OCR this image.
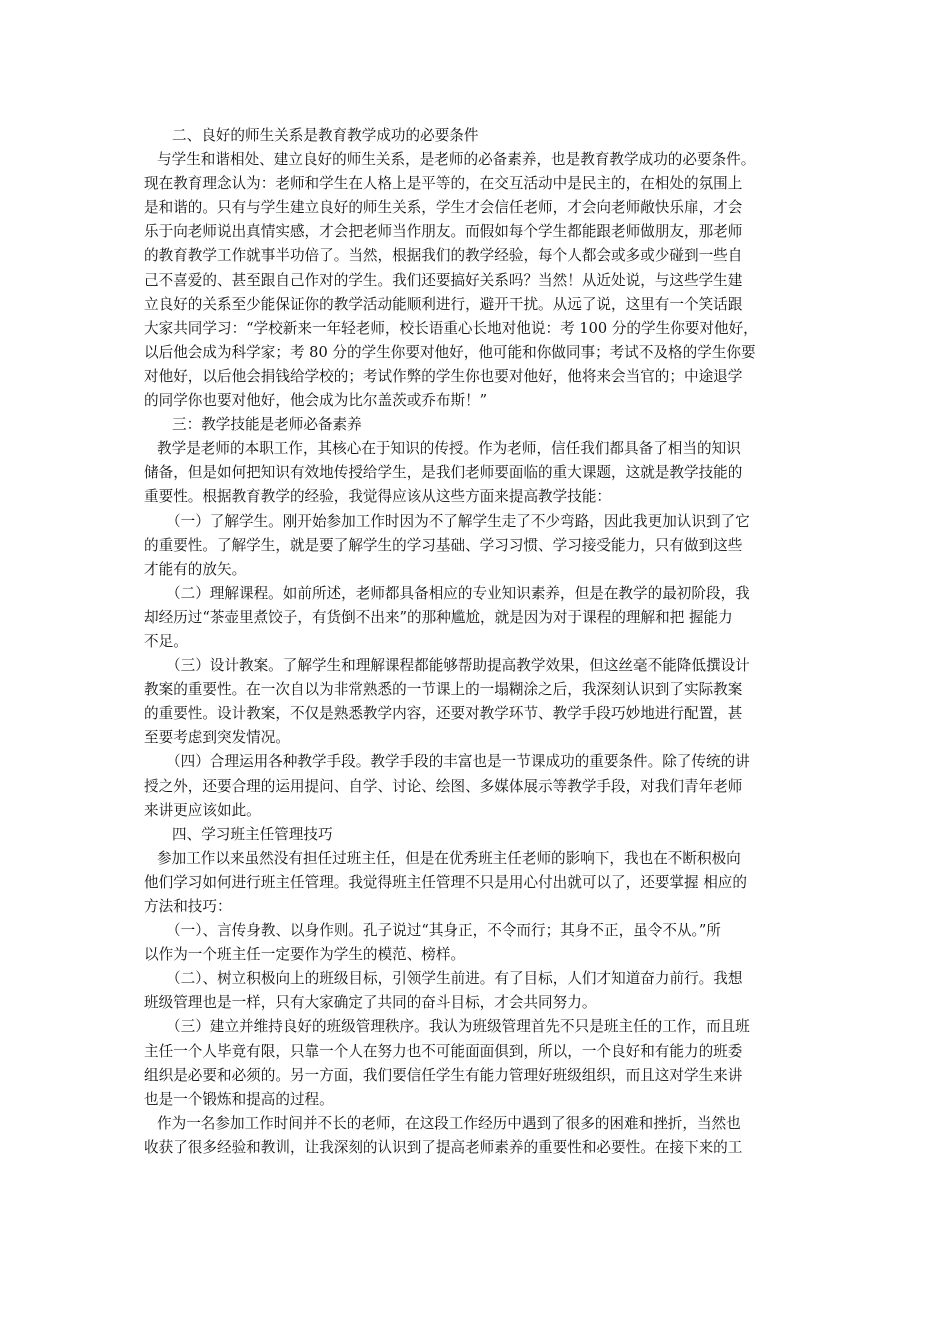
二、良好的师生关系是教育教学成功的必要条件
与学生和谐相处、建立良好的师生关系，是老师的必备素养，也是教育教学成功的必要条件。
现在教育理念认为：老师和学生在人格上是平等的，在交互活动中是民主的，在相处的氛围上
是和谐的。只有与学生建立良好的师生关系，学生才会信任老师，才会向老师敞快乐扉，才会
乐于向老师说出真情实感，才会把老师当作朋友。而假如每个学生都能跟老师做朋友，那老师
的教育教学工作就事半功倍了。当然，根据我们的教学经验，每个人都会或多或少碰到一些自
己不喜爱的、甚至跟自己作对的学生。我们还要搞好关系吗？当然！从近处说，与这些学生建
立良好的关系至少能保证你的教学活动能顺利进行，避开干扰。从远了说，这里有一个笑话跟
大家共同学习：“学校新来一年轻老师，校长语重心长地对他说：考 100 分的学生你要对他好，
以后他会成为科学家；考 80 分的学生你要对他好，他可能和你做同事；考试不及格的学生你要
对他好，以后他会捐钱给学校的；考试作弊的学生你也要对他好，他将来会当官的；中途退学
的同学你也要对他好，他会成为比尔盖茨或乔布斯！”
三：教学技能是老师必备素养
教学是老师的本职工作，其核心在于知识的传授。作为老师，信任我们都具备了相当的知识
储备，但是如何把知识有效地传授给学生，是我们老师要面临的重大课题，这就是教学技能的
重要性。根据教育教学的经验，我觉得应该从这些方面来提高教学技能：
（一）了解学生。刚开始参加工作时因为不了解学生走了不少弯路，因此我更加认识到了它
的重要性。了解学生，就是要了解学生的学习基础、学习习惯、学习接受能力，只有做到这些
才能有的放矢。
（二）理解课程。如前所述，老师都具备相应的专业知识素养，但是在教学的最初阶段，我
却经历过“茶壶里煮饺子，有货倒不出来”的那种尴尬，就是因为对于课程的理解和把 握能力
不足。
（三）设计教案。了解学生和理解课程都能够帮助提高教学效果，但这丝毫不能降低撰设计
教案的重要性。在一次自以为非常熟悉的一节课上的一塌糊涂之后，我深刻认识到了实际教案
的重要性。设计教案，不仅是熟悉教学内容，还要对教学环节、教学手段巧妙地进行配置，甚
至要考虑到突发情况。
（四）合理运用各种教学手段。教学手段的丰富也是一节课成功的重要条件。除了传统的讲
授之外，还要合理的运用提问、自学、讨论、绘图、多媒体展示等教学手段，对我们青年老师
来讲更应该如此。
四、学习班主任管理技巧
参加工作以来虽然没有担任过班主任，但是在优秀班主任老师的影响下，我也在不断积极向
他们学习如何进行班主任管理。我觉得班主任管理不只是用心付出就可以了，还要掌握 相应的
方法和技巧：
（一）、言传身教、以身作则。孔子说过“其身正，不令而行；其身不正，虽令不从。”所
以作为一个班主任一定要作为学生的模范、榜样。
（二）、树立积极向上的班级目标，引领学生前进。有了目标，人们才知道奋力前行。我想
班级管理也是一样，只有大家确定了共同的奋斗目标，才会共同努力。
（三）建立并维持良好的班级管理秩序。我认为班级管理首先不只是班主任的工作，而且班
主任一个人毕竟有限，只靠一个人在努力也不可能面面俱到，所以，一个良好和有能力的班委
组织是必要和必须的。另一方面，我们要信任学生有能力管理好班级组织，而且这对学生来讲
也是一个锻炼和提高的过程。
作为一名参加工作时间并不长的老师，在这段工作经历中遇到了很多的困难和挫折，当然也
收获了很多经验和教训，让我深刻的认识到了提高老师素养的重要性和必要性。在接下来的工
